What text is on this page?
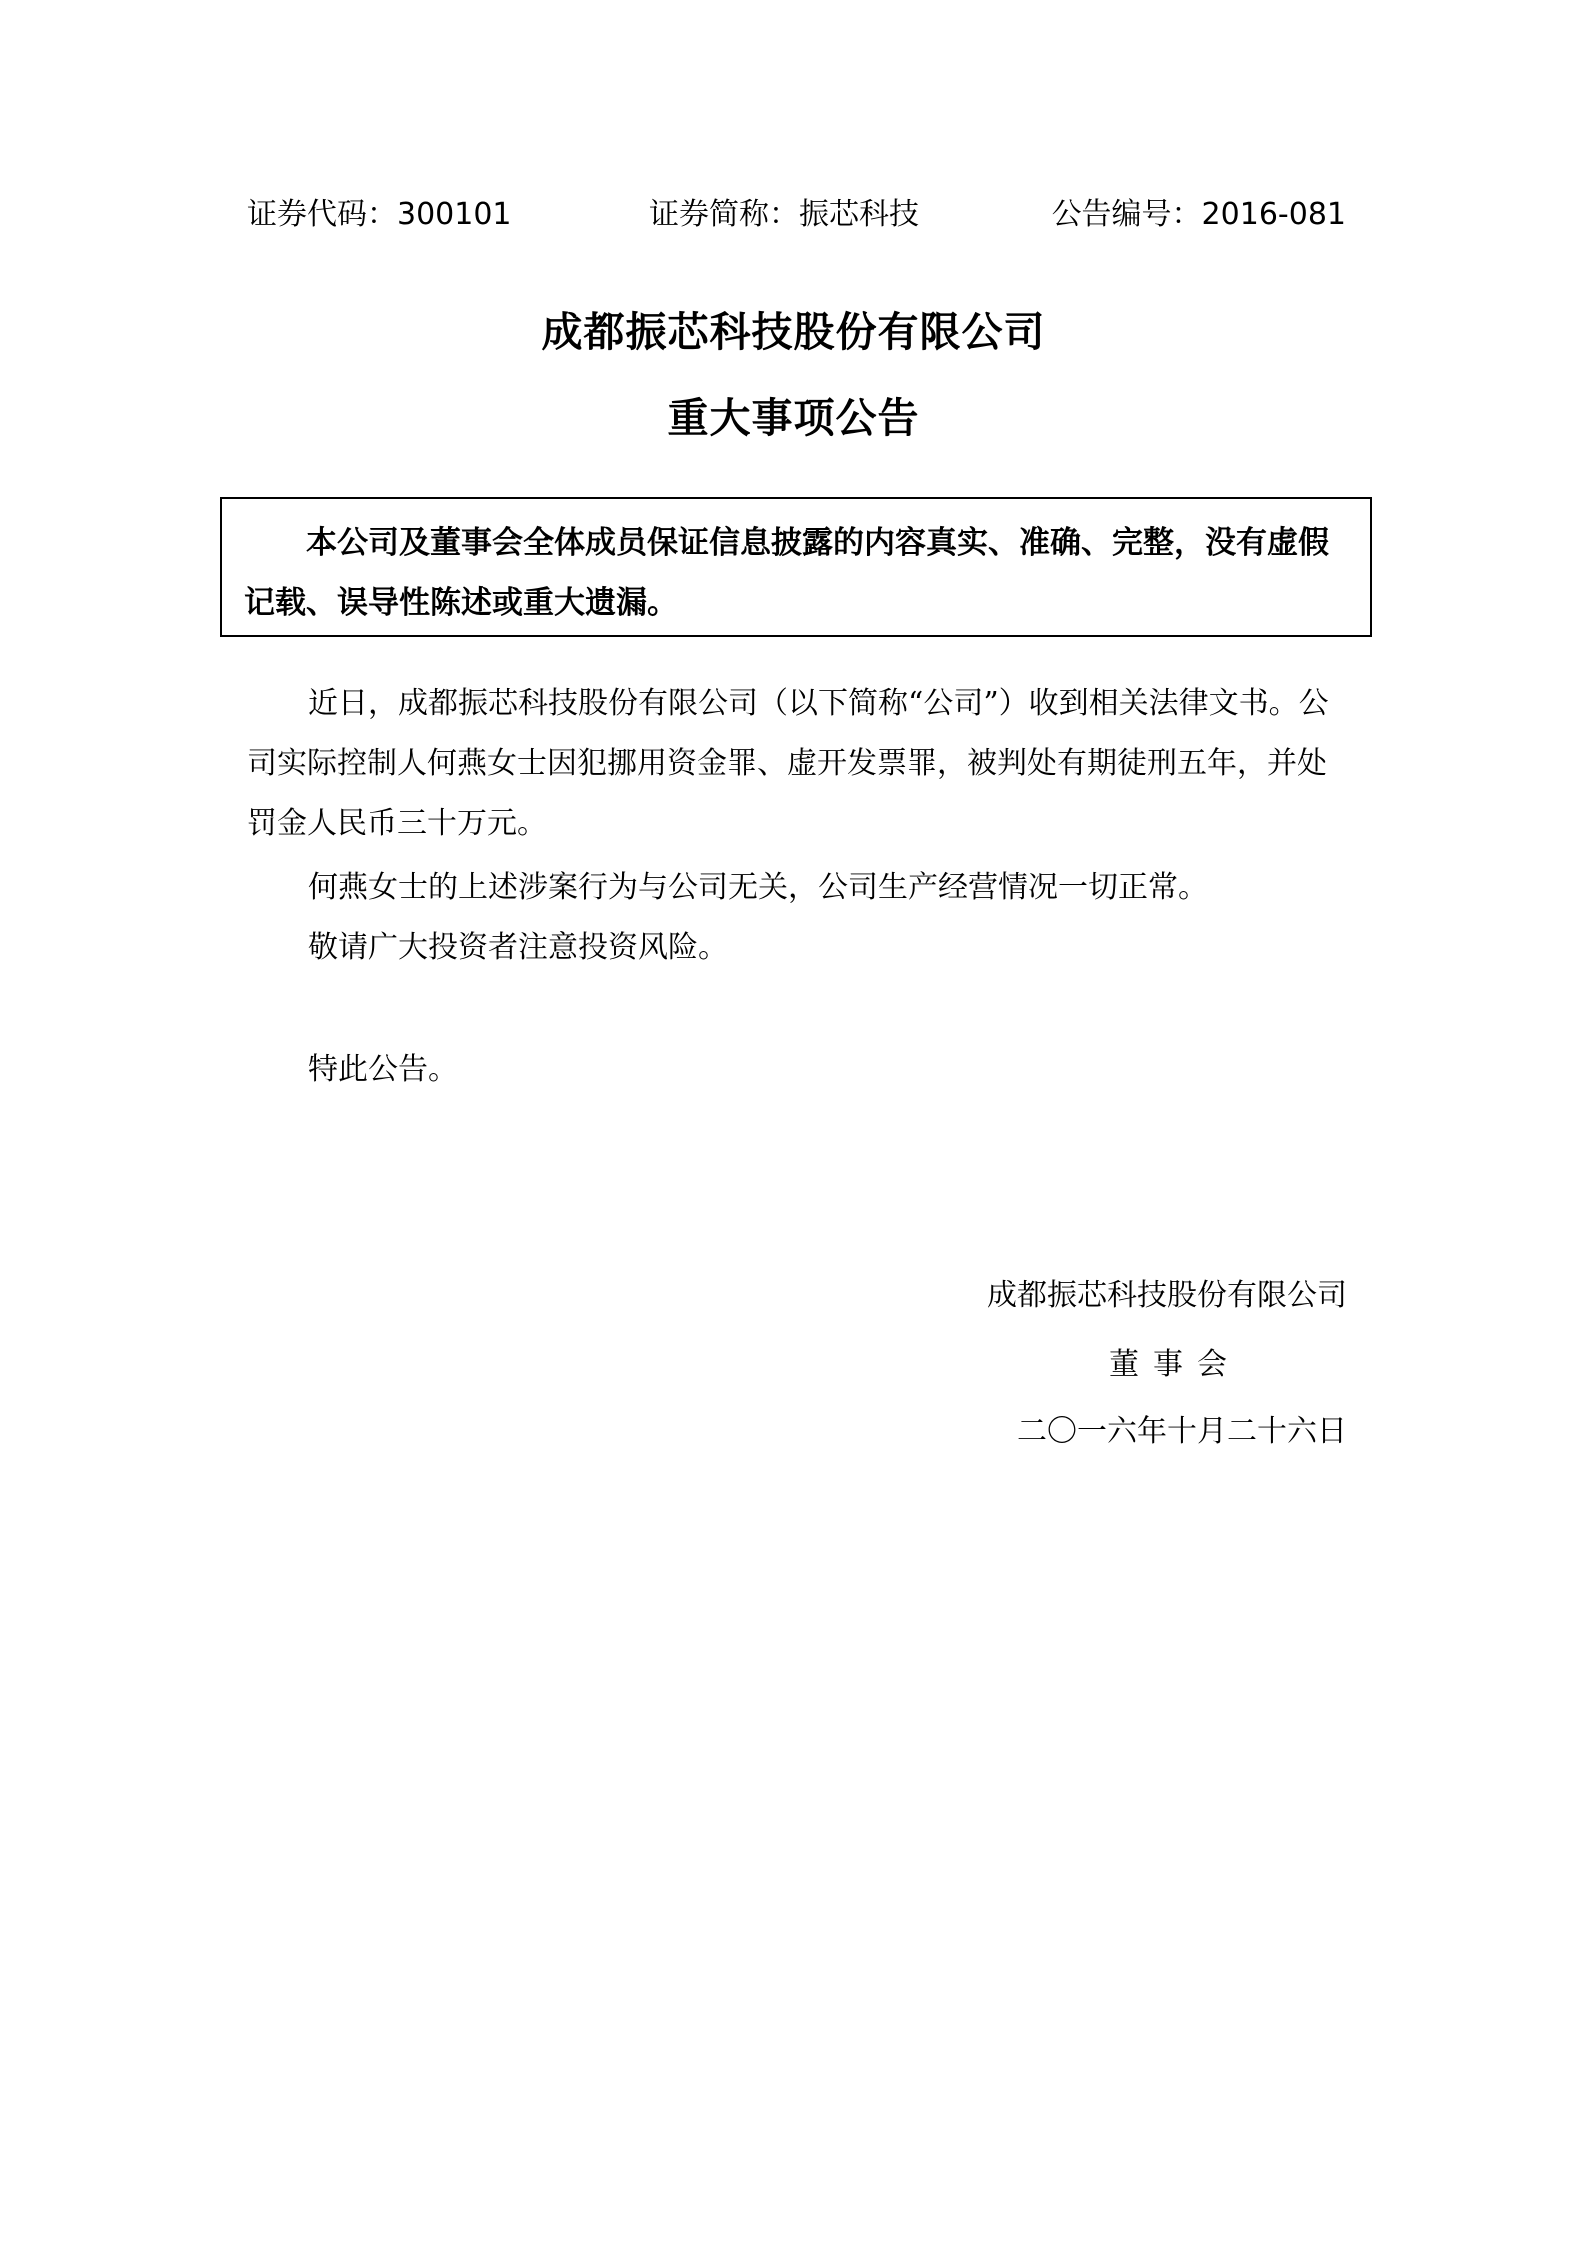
证券代码：300101	证券简称：振芯科技	公告编号：2016-081
成都振芯科技股份有限公司
重大事项公告

本公司及董事会全体成员保证信息披露的内容真实、准确、完整，没有虚假记载、误导性陈述或重大遗漏。

近日，成都振芯科技股份有限公司（以下简称“公司”）收到相关法律文书。公司实际控制人何燕女士因犯挪用资金罪、虚开发票罪，被判处有期徒刑五年，并处罚金人民币三十万元。

何燕女士的上述涉案行为与公司无关，公司生产经营情况一切正常。

敬请广大投资者注意投资风险。

特此公告。

成都振芯科技股份有限公司
董事会
二〇一六年十月二十六日
